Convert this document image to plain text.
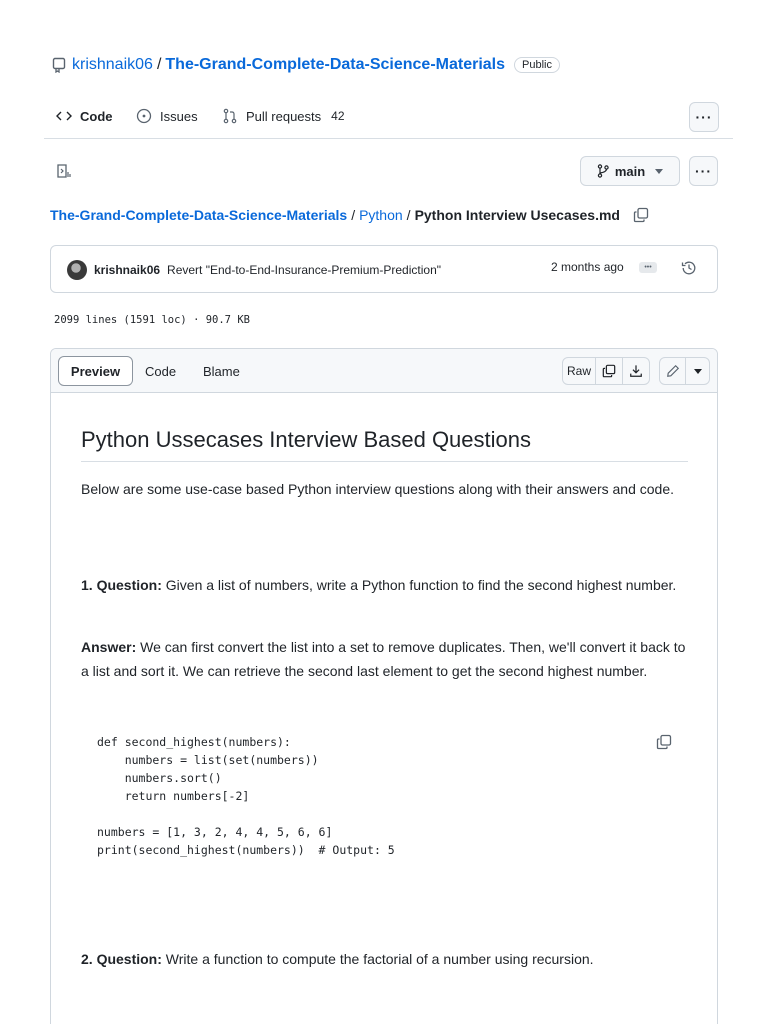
krishnaik06 / The-Grand-Complete-Data-Science-Materials	Public
Code	Issues	Pull requests 42	···
main	···
The-Grand-Complete-Data-Science-Materials / Python / Python Interview Usecases.md
krishnaik06 Revert "End-to-End-Insurance-Premium-Prediction"	2 months ago	•••
2099 lines (1591 loc) · 90.7 KB
Preview	Code Blame	Raw
Python Ussecases Interview Based Questions

Below are some use-case based Python interview questions along with their answers and code.

1. Question: Given a list of numbers, write a Python function to find the second highest number.

Answer: We can first convert the list into a set to remove duplicates. Then, we'll convert it back to a list and sort it. We can retrieve the second last element to get the second highest number.

def second_highest(numbers):
numbers = list(set(numbers))
numbers.sort()
return numbers[-2]

numbers = [1, 3, 2, 4, 4, 5, 6, 6]
print(second_highest(numbers))  # Output: 5

2. Question: Write a function to compute the factorial of a number using recursion.
